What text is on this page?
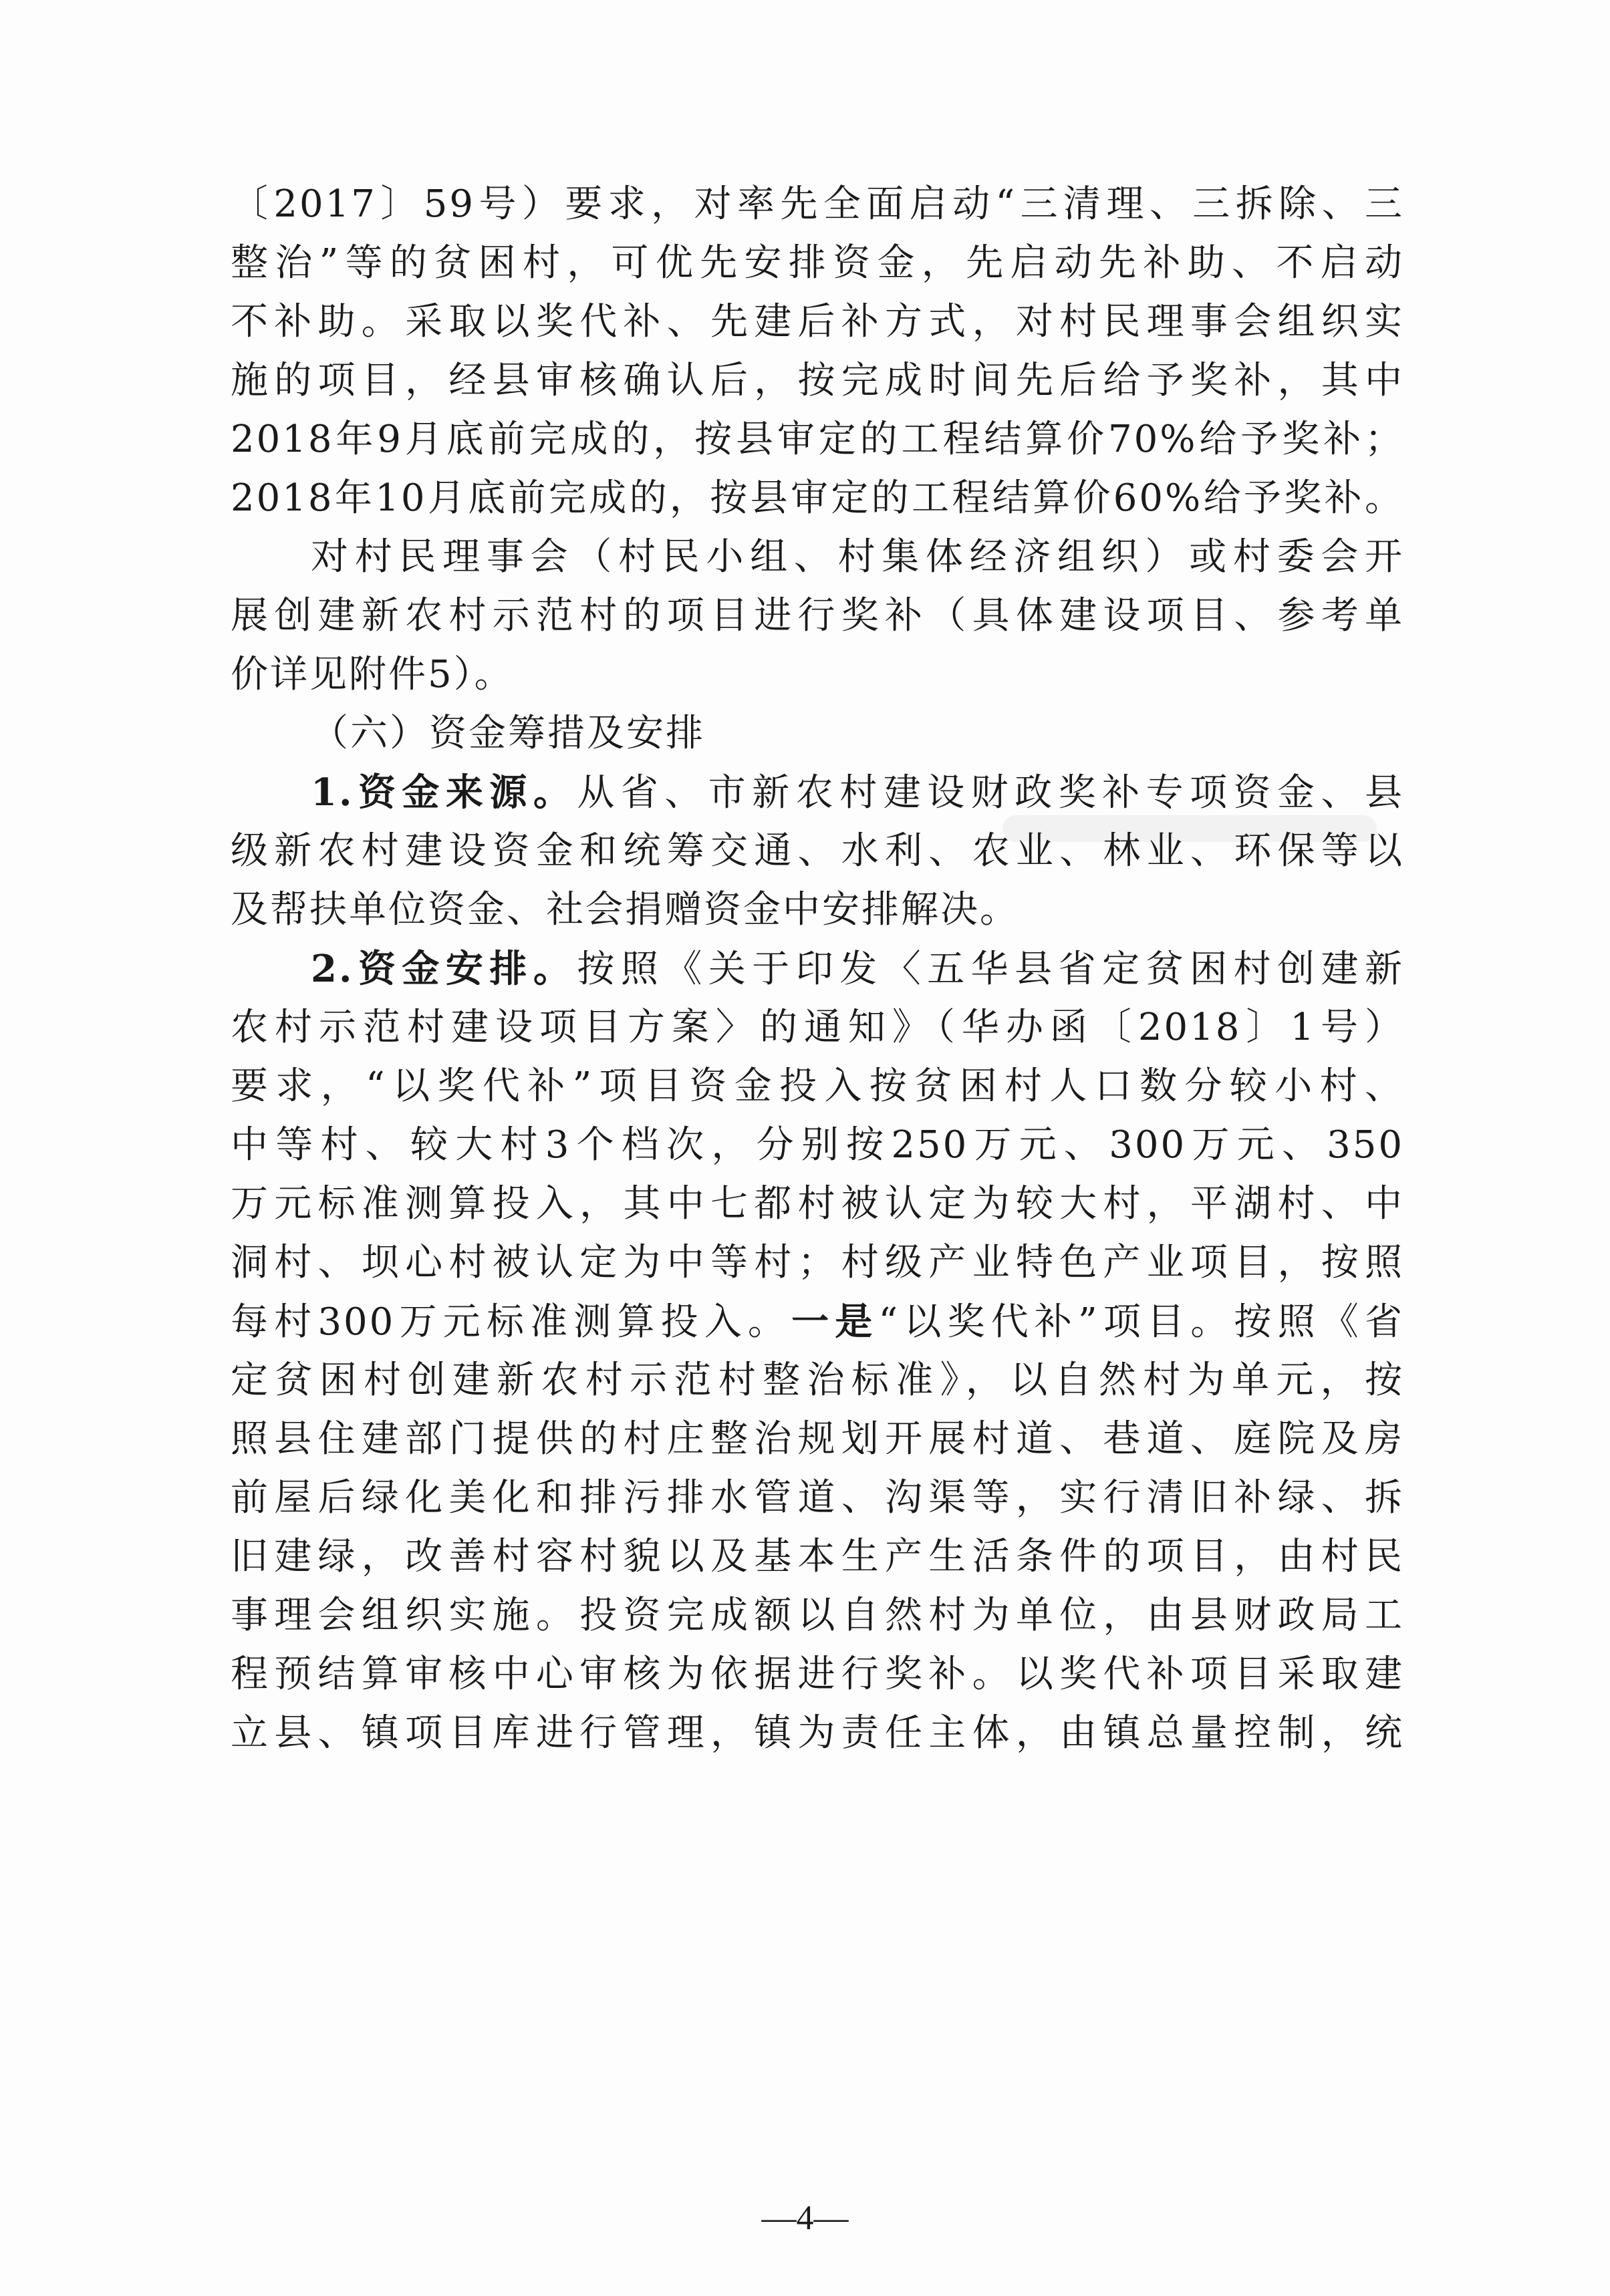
〔2017〕59号）要求，对率先全面启动“三清理、三拆除、三
整治”等的贫困村，可优先安排资金，先启动先补助、不启动
不补助。采取以奖代补、先建后补方式，对村民理事会组织实
施的项目，经县审核确认后，按完成时间先后给予奖补，其中
2018年9月底前完成的，按县审定的工程结算价70%给予奖补；
2018年10月底前完成的，按县审定的工程结算价60%给予奖补。
对村民理事会（村民小组、村集体经济组织）或村委会开
展创建新农村示范村的项目进行奖补（具体建设项目、参考单
价详见附件5）。
（六）资金筹措及安排
1.资金来源。从省、市新农村建设财政奖补专项资金、县
级新农村建设资金和统筹交通、水利、农业、林业、环保等以
及帮扶单位资金、社会捐赠资金中安排解决。
2.资金安排。按照《关于印发〈五华县省定贫困村创建新
农村示范村建设项目方案〉的通知》（华办函〔2018〕1号）
要求，“以奖代补”项目资金投入按贫困村人口数分较小村、
中等村、较大村3个档次，分别按250万元、300万元、350
万元标准测算投入，其中七都村被认定为较大村，平湖村、中
洞村、坝心村被认定为中等村；村级产业特色产业项目，按照
每村300万元标准测算投入。一是“以奖代补”项目。按照《省
定贫困村创建新农村示范村整治标准》，以自然村为单元，按
照县住建部门提供的村庄整治规划开展村道、巷道、庭院及房
前屋后绿化美化和排污排水管道、沟渠等，实行清旧补绿、拆
旧建绿，改善村容村貌以及基本生产生活条件的项目，由村民
事理会组织实施。投资完成额以自然村为单位，由县财政局工
程预结算审核中心审核为依据进行奖补。以奖代补项目采取建
立县、镇项目库进行管理，镇为责任主体，由镇总量控制，统
—4—
